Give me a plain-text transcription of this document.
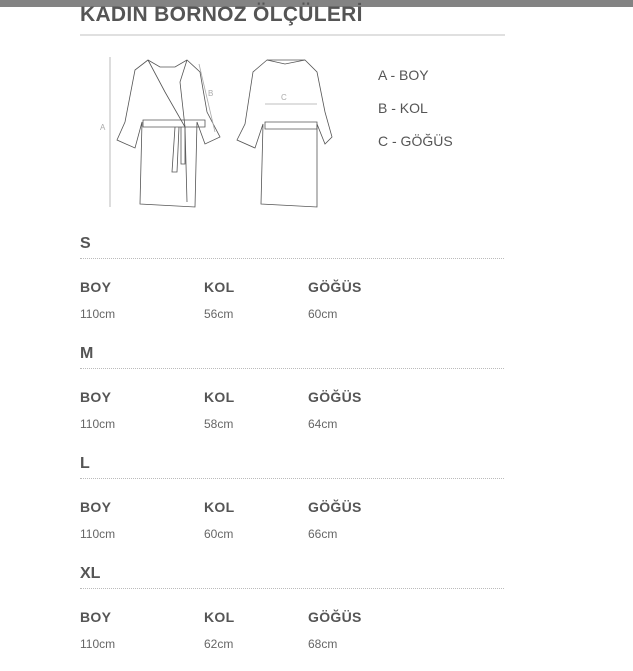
KADIN BORNOZ ÖLÇÜLERİ
A
B	C
A - BOY
B - KOL
C - GÖĞÜS
S
BOY	KOL	GÖĞÜS
110cm	56cm	60cm
M
BOY	KOL	GÖĞÜS
110cm	58cm	64cm
L
BOY	KOL	GÖĞÜS
110cm	60cm	66cm
XL
BOY	KOL	GÖĞÜS
110cm	62cm	68cm
